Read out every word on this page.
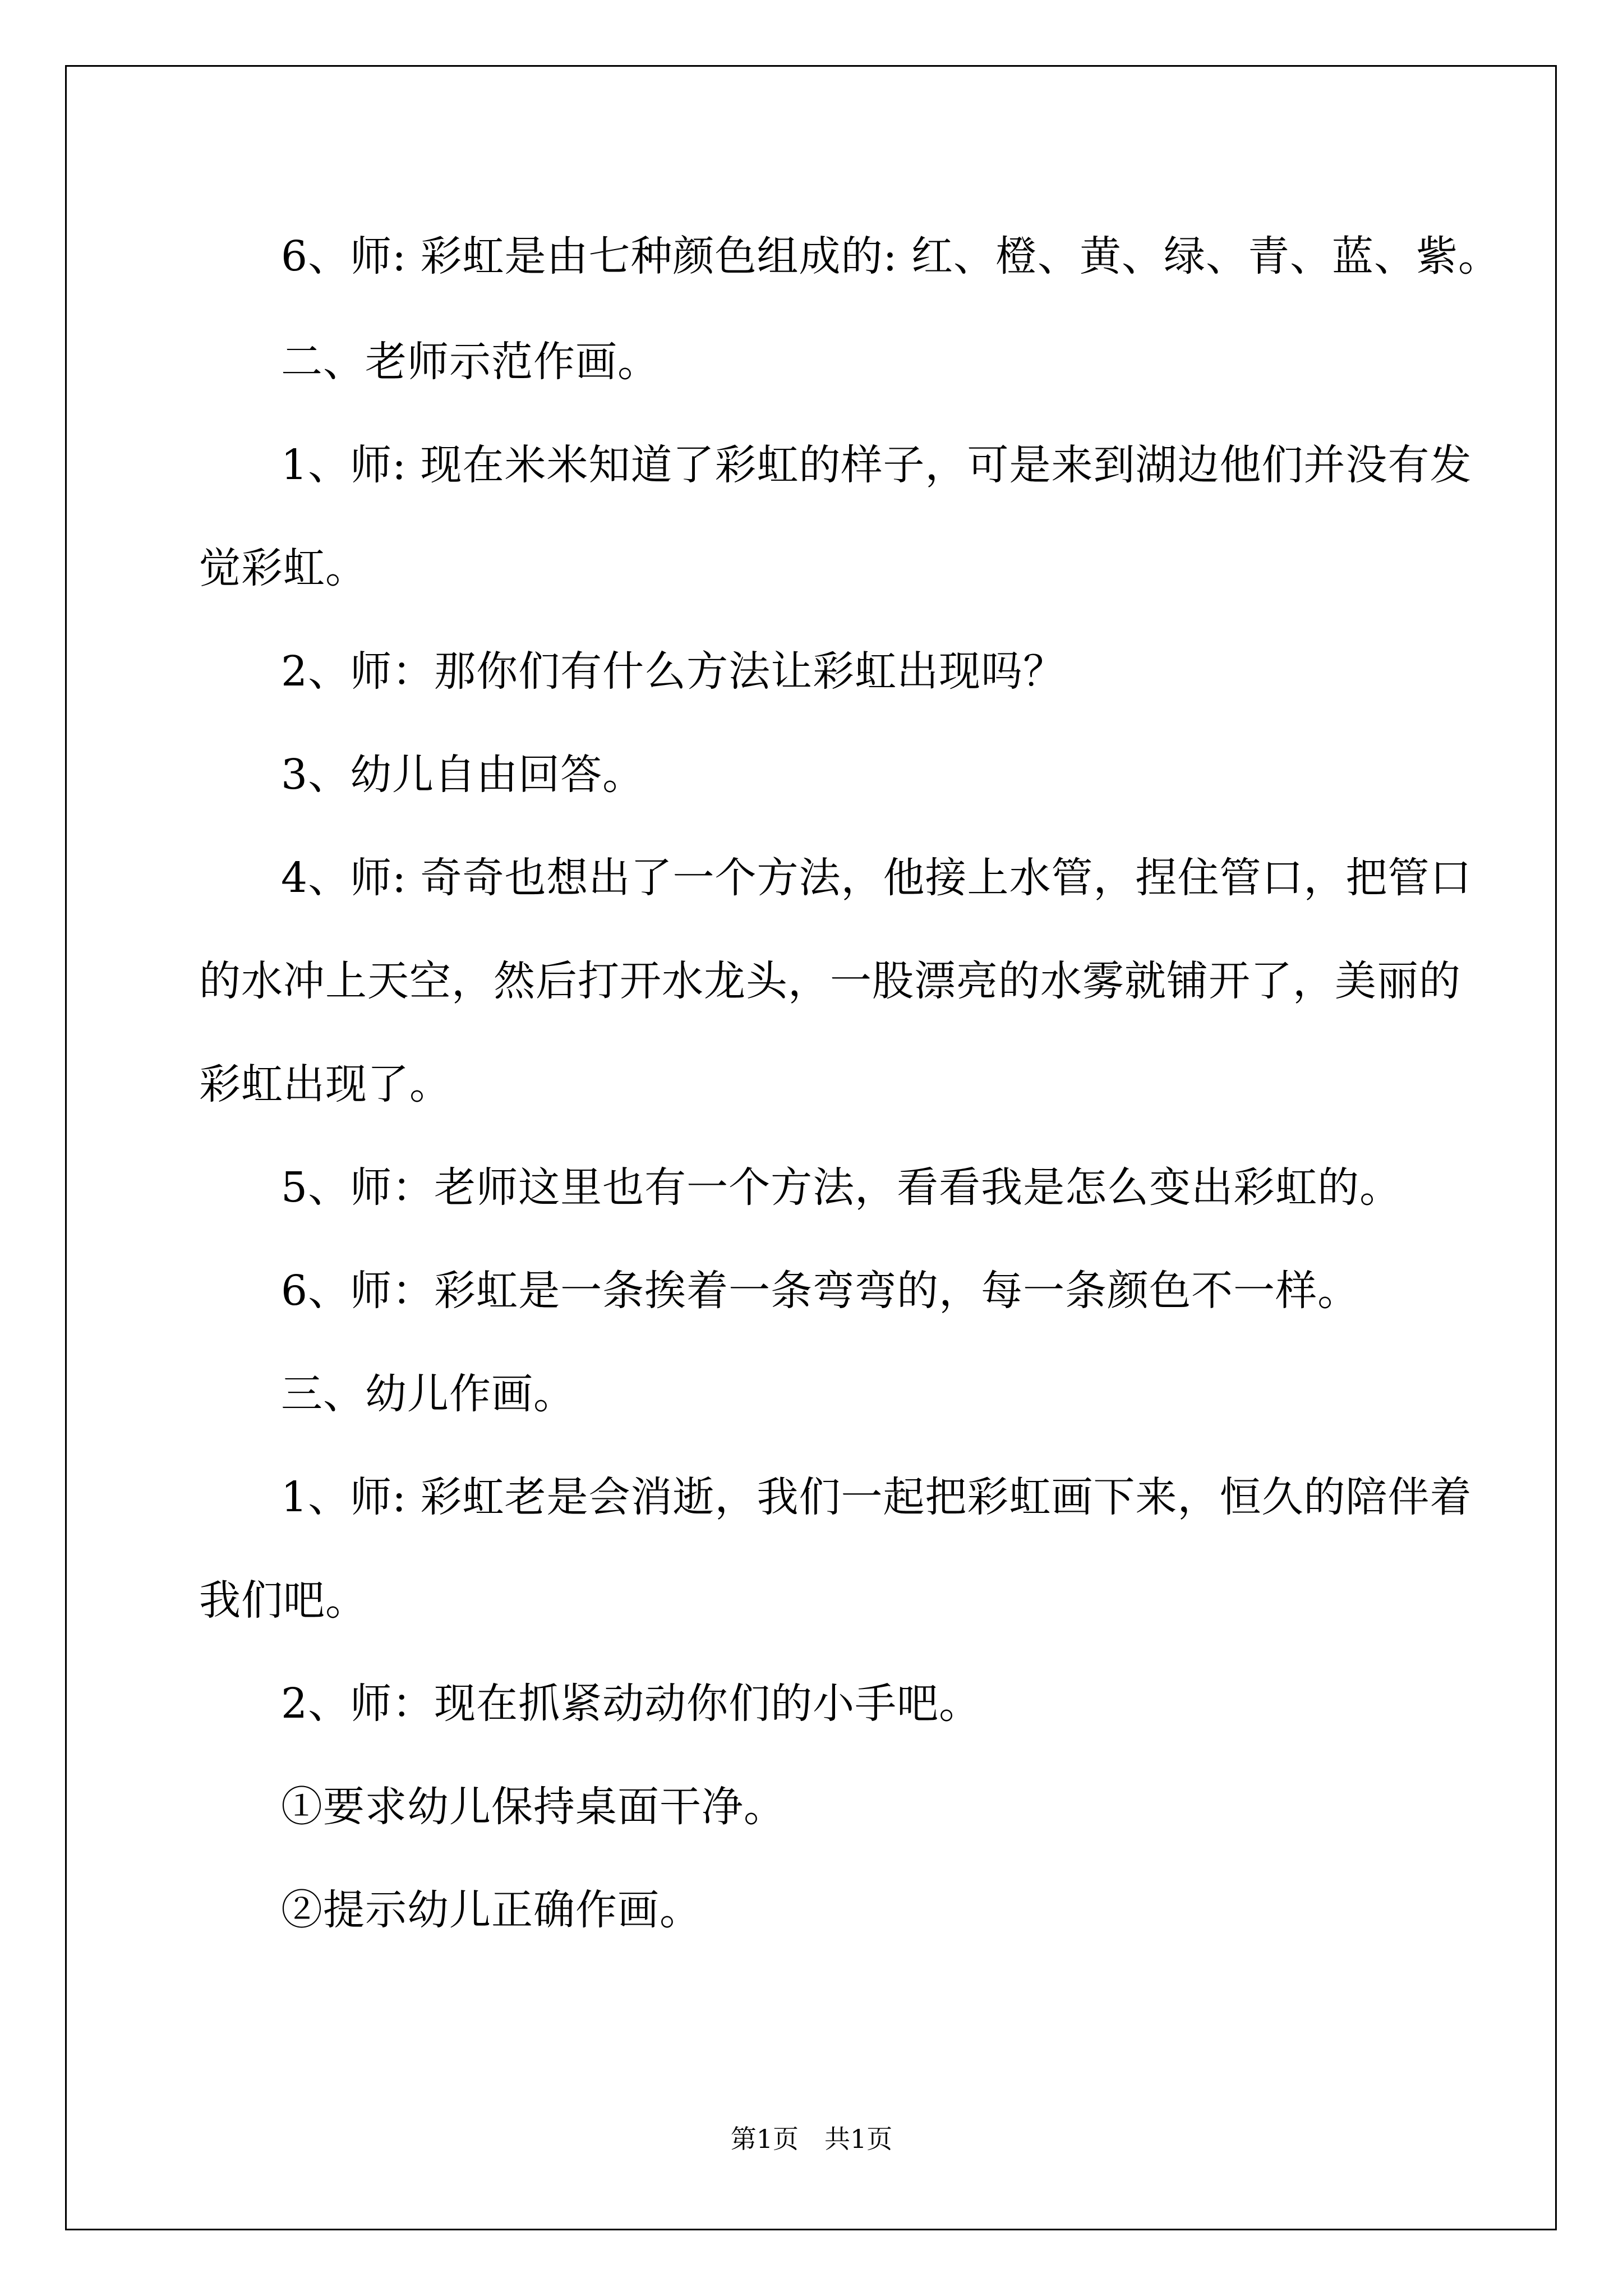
6、师: 彩虹是由七种颜色组成的: 红、橙、黄、绿、青、蓝、紫。
二、老师示范作画。
1、师: 现在米米知道了彩虹的样子，可是来到湖边他们并没有发
觉彩虹。
2、师：那你们有什么方法让彩虹出现吗？
3、幼儿自由回答。
4、师: 奇奇也想出了一个方法，他接上水管，捏住管口，把管口
的水冲上天空，然后打开水龙头，一股漂亮的水雾就铺开了，美丽的
彩虹出现了。
5、师：老师这里也有一个方法，看看我是怎么变出彩虹的。
6、师：彩虹是一条挨着一条弯弯的，每一条颜色不一样。
三、幼儿作画。
1、师: 彩虹老是会消逝，我们一起把彩虹画下来，恒久的陪伴着
我们吧。
2、师：现在抓紧动动你们的小手吧。
①要求幼儿保持桌面干净。
②提示幼儿正确作画。
第1页　共1页
